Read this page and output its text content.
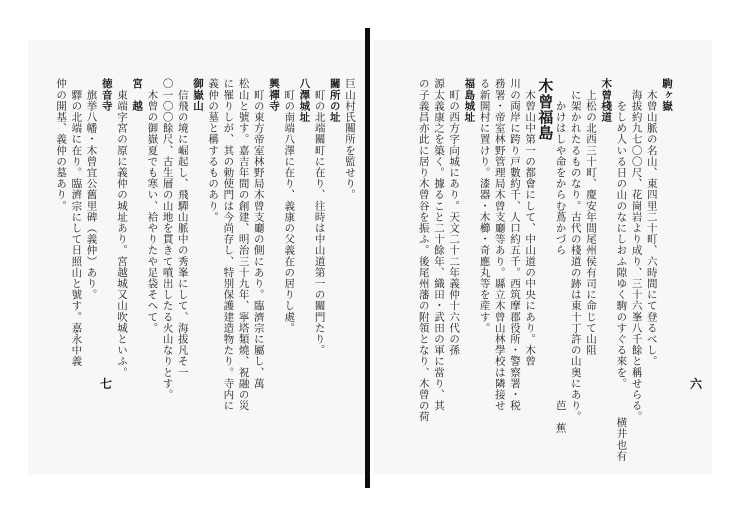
駒ヶ嶽
　木曾山脈の名山、東四里二十町、六時間にて登るべし。
　海拔約九七〇〇尺、花崗岩より成り、三十六峯八千餘と稱せらる。
　　をしめ人いる日の山のなにしおふ隙ゆく駒のすぐる來を。　　　横井也有
木曾棧道
　上松の北西三十町、慶安年間尾州侯有司に命じて山阻
　に架かれたるものなり。古代の棧道の跡は東十丁許の山奥にあり。
　　かけはしや命をからむ蔦かづら　　　　　　　　　　　　　芭　蕉
木曾福島
　木曾山中第一の都會にして、中山道の中央にあり。木曾
川の両岸に跨り戸數約千、人口約五千。西筑摩郡役所・警察署・税
務署・帝室林野管理局木曾支廳等あり。縣立木曾山林學校は隣接せ
る新開村に置けり。漆器・木櫛・奇應丸等を産す。
福島城址
　町の西方字向城にあり。天文二十二年義仲十六代の孫
源太義康之を築く。據ること二十餘年、織田・武田の軍に當り、其
の子義昌亦此に居り木曾谷を振ふ。後尾州藩の附領となり、木曾の荷
巨山村氏關所を監せり。
關所の址
　町の北端關町に在り、往時は中山道第一の關門たり。
八澤城址
　町の南端八澤に在り、義康の父義在の居りし處。
興禪寺
　町の東方帝室林野局木曾支廳の側にあり。臨濟宗に屬し、萬
松山と號す。嘉吉年間の創建、明治三十九年、寧塔類燒、祝融の災
に罹りしが、其の勅使門は今尚存し、特別保護建造物たり。寺内に
義仲の墓と稱するものあり。
御嶽山
　信飛の境に崛起し、飛驒山脈中の秀峯にして、海拔凡そ一
〇一〇〇餘尺、古生層の山地を貫きて噴出したる火山なりとす。
　木曾の御嶽夏でも寒い、袷やりたや足袋そへて。
宮　越
　東端字宮の原に義仲の城址あり。宮越城又山吹城といふ。
徳音寺
　旗挙八幡・木曾宜公舊里碑（義仲）あり。
　驛の北端に在り。臨濟宗にして日照山と號す。嘉永中義
仲の開基、義仲の墓あり。
六
七
